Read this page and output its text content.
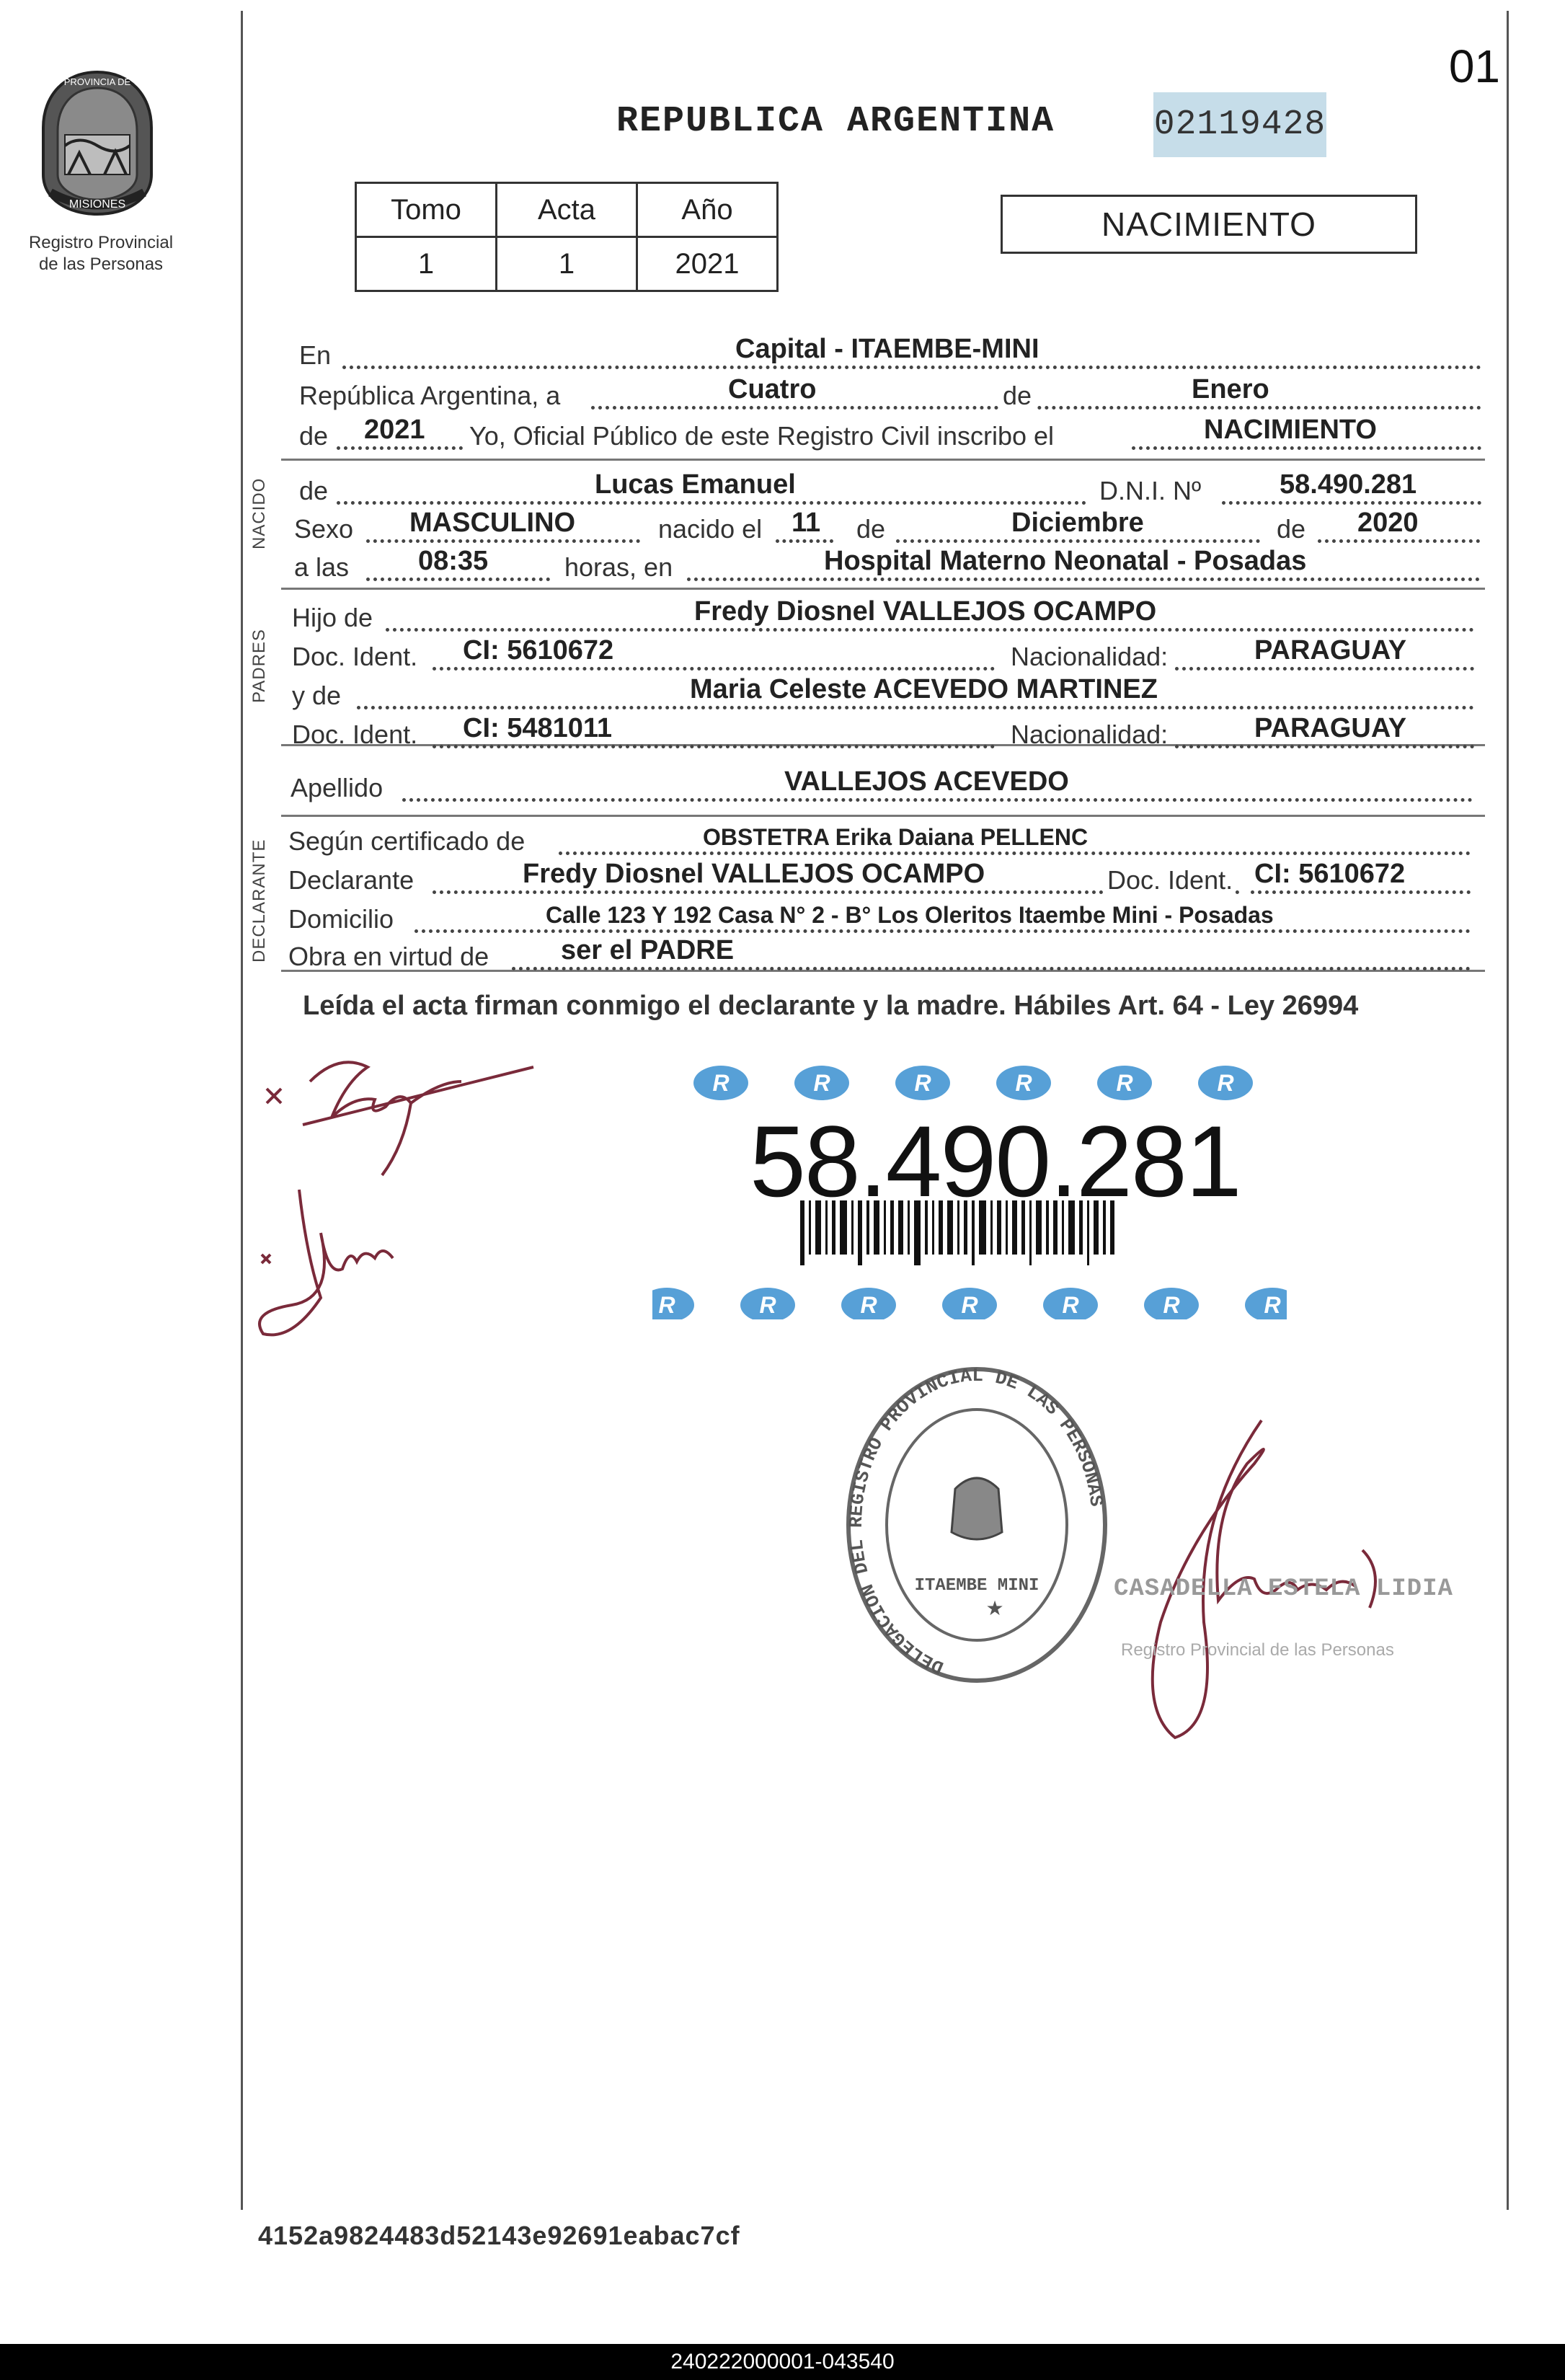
PROVINCIA DE
MISIONES
Registro Provincial
de las Personas
01
REPUBLICA ARGENTINA	02119428
Tomo	Acta	Año
1	1	2021
NACIMIENTO
NACIDO
PADRES
DECLARANTE
En	Capital - ITAEMBE-MINI
República Argentina, a	Cuatro	de	Enero
de 2021 Yo, Oficial Público de este Registro Civil inscribo el	NACIMIENTO
de	Lucas Emanuel	D.N.I. Nº	58.490.281
Sexo MASCULINO	nacido el 11 de	Diciembre	de 2020
a las	08:35	horas, en	Hospital Materno Neonatal - Posadas
Hijo de	Fredy Diosnel VALLEJOS OCAMPO
Doc. Ident. CI: 5610672	Nacionalidad:	PARAGUAY
y de	Maria Celeste ACEVEDO MARTINEZ
Doc. Ident. CI: 5481011	Nacionalidad:	PARAGUAY
Apellido	VALLEJOS ACEVEDO
Según certificado de	OBSTETRA Erika Daiana PELLENC
Declarante	Fredy Diosnel VALLEJOS OCAMPO	Doc. Ident. CI: 5610672
Domicilio	Calle 123 Y 192 Casa N° 2 - B° Los Oleritos Itaembe Mini - Posadas
Obra en virtud de	ser el PADRE
Leída el acta firman conmigo el declarante y la madre. Hábiles Art. 64 - Ley 26994
R	R	R	R	R	R
R	R	R	R	R	R	R
58.490.281
DELEGACION DEL REGISTRO PROVINCIAL DE LAS PERSONAS
ITAEMBE MINI
★
CASADELLA ESTELA LIDIA
Registro Provincial de las Personas
4152a9824483d52143e92691eabac7cf
240222000001-043540
